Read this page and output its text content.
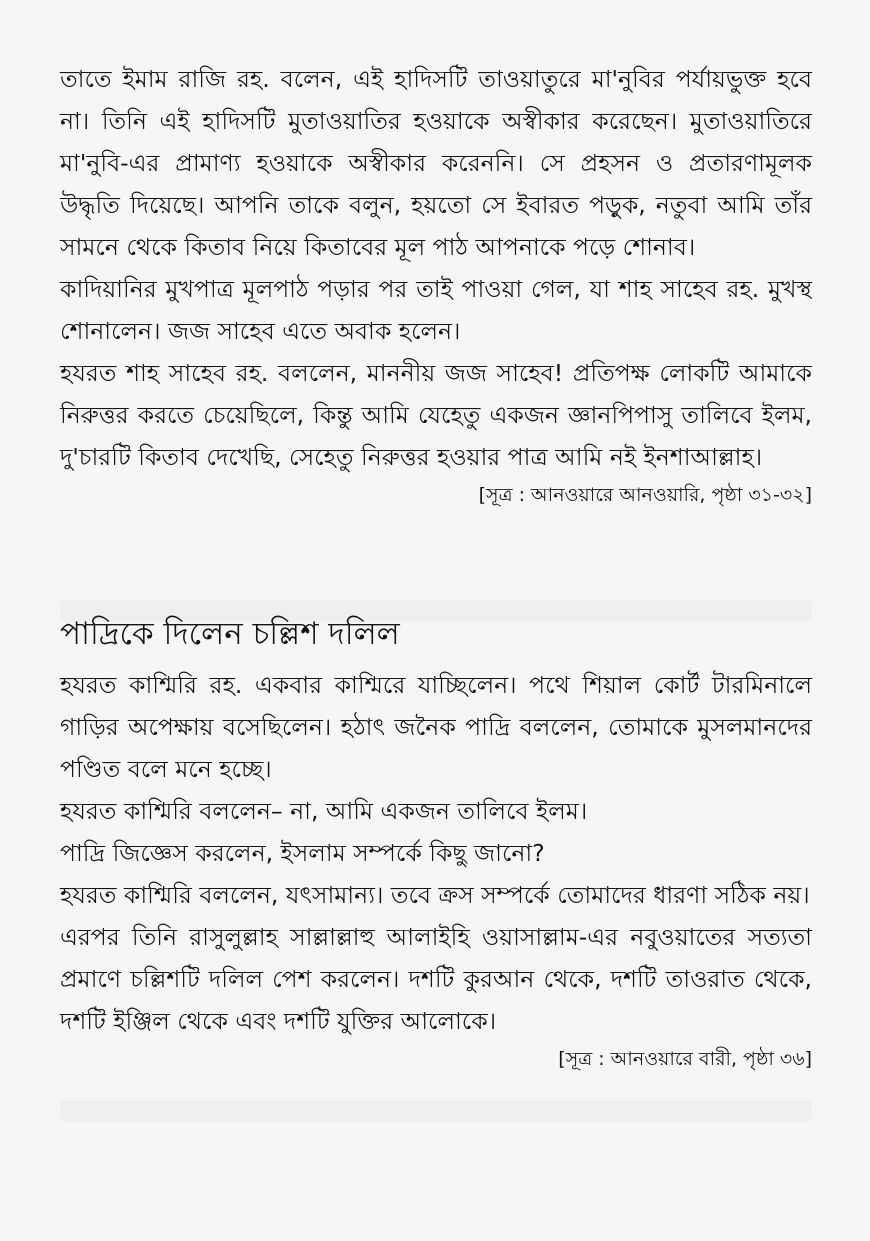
তাতে ইমাম রাজি রহ. বলেন, এই হাদিসটি তাওয়াতুরে মা'নুবির পর্যায়ভুক্ত হবে না। তিনি এই হাদিসটি মুতাওয়াতির হওয়াকে অস্বীকার করেছেন। মুতাওয়াতিরে মা'নুবি-এর প্রামাণ্য হওয়াকে অস্বীকার করেননি। সে প্রহসন ও প্রতারণামূলক উদ্ধৃতি দিয়েছে। আপনি তাকে বলুন, হয়তো সে ইবারত পড়ুক, নতুবা আমি তাঁর সামনে থেকে কিতাব নিয়ে কিতাবের মূল পাঠ আপনাকে পড়ে শোনাব।

কাদিয়ানির মুখপাত্র মূলপাঠ পড়ার পর তাই পাওয়া গেল, যা শাহ সাহেব রহ. মুখস্থ শোনালেন। জজ সাহেব এতে অবাক হলেন।

হযরত শাহ সাহেব রহ. বললেন, মাননীয় জজ সাহেব! প্রতিপক্ষ লোকটি আমাকে নিরুত্তর করতে চেয়েছিলে, কিন্তু আমি যেহেতু একজন জ্ঞানপিপাসু তালিবে ইলম, দু'চারটি কিতাব দেখেছি, সেহেতু নিরুত্তর হওয়ার পাত্র আমি নই ইনশাআল্লাহ।

[সূত্র : আনওয়ারে আনওয়ারি, পৃষ্ঠা ৩১-৩২]

পাদ্রিকে দিলেন চল্লিশ দলিল

হযরত কাশ্মিরি রহ. একবার কাশ্মিরে যাচ্ছিলেন। পথে শিয়াল কোর্ট টারমিনালে গাড়ির অপেক্ষায় বসেছিলেন। হঠাৎ জনৈক পাদ্রি বললেন, তোমাকে মুসলমানদের পণ্ডিত বলে মনে হচ্ছে।

হযরত কাশ্মিরি বললেন– না, আমি একজন তালিবে ইলম।

পাদ্রি জিজ্ঞেস করলেন, ইসলাম সম্পর্কে কিছু জানো?

হযরত কাশ্মিরি বললেন, যৎসামান্য। তবে ক্রস সম্পর্কে তোমাদের ধারণা সঠিক নয়।

এরপর তিনি রাসুলুল্লাহ সাল্লাল্লাহু আলাইহি ওয়াসাল্লাম-এর নবুওয়াতের সত্যতা প্রমাণে চল্লিশটি দলিল পেশ করলেন। দশটি কুরআন থেকে, দশটি তাওরাত থেকে, দশটি ইঞ্জিল থেকে এবং দশটি যুক্তির আলোকে।

[সূত্র : আনওয়ারে বারী, পৃষ্ঠা ৩৬]
